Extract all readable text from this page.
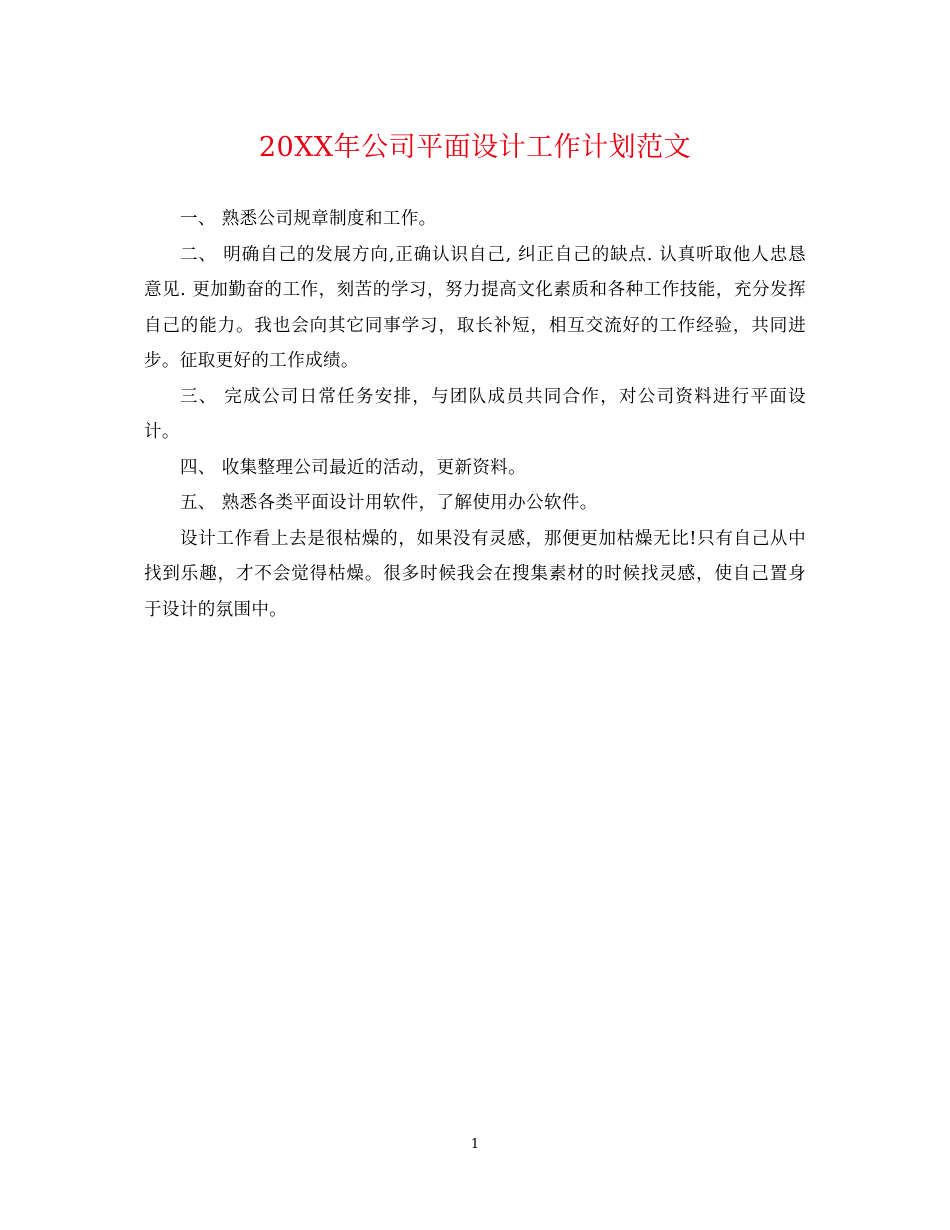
20XX年公司平面设计工作计划范文

一、 熟悉公司规章制度和工作。

二、 明确自己的发展方向,正确认识自己, 纠正自己的缺点. 认真听取他人忠恳意见. 更加勤奋的工作，刻苦的学习，努力提高文化素质和各种工作技能，充分发挥自己的能力。我也会向其它同事学习，取长补短，相互交流好的工作经验，共同进步。征取更好的工作成绩。

三、 完成公司日常任务安排，与团队成员共同合作，对公司资料进行平面设计。

四、 收集整理公司最近的活动，更新资料。

五、 熟悉各类平面设计用软件，了解使用办公软件。

设计工作看上去是很枯燥的，如果没有灵感，那便更加枯燥无比!只有自己从中找到乐趣，才不会觉得枯燥。很多时候我会在搜集素材的时候找灵感，使自己置身于设计的氛围中。

1
